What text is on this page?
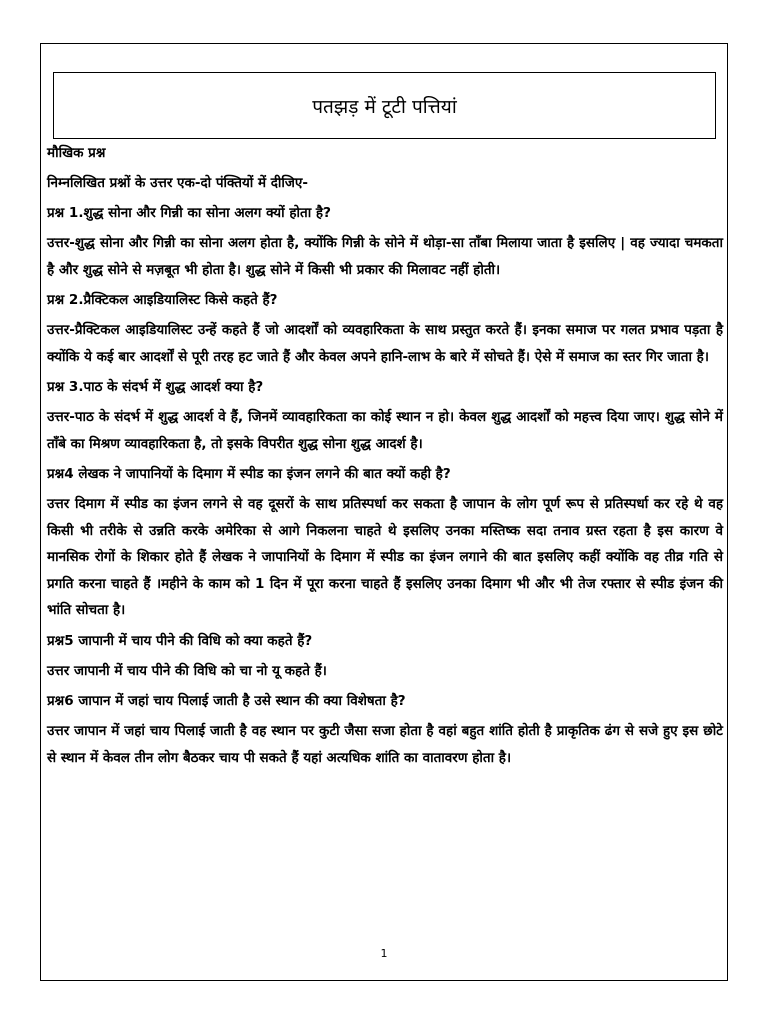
पतझड़ में टूटी पत्तियां

मौखिक प्रश्न

निम्नलिखित प्रश्नों के उत्तर एक-दो पंक्तियों में दीजिए-

प्रश्न 1.शुद्ध सोना और गिन्नी का सोना अलग क्यों होता है?

उत्तर-शुद्ध सोना और गिन्नी का सोना अलग होता है, क्योंकि गिन्नी के सोने में थोड़ा-सा ताँबा मिलाया जाता है इसलिए | वह ज्यादा चमकता है और शुद्ध सोने से मज़बूत भी होता है। शुद्ध सोने में किसी भी प्रकार की मिलावट नहीं होती।

प्रश्न 2.प्रैक्टिकल आइडियालिस्ट किसे कहते हैं?

उत्तर-प्रैक्टिकल आइडियालिस्ट उन्हें कहते हैं जो आदर्शों को व्यवहारिकता के साथ प्रस्तुत करते हैं। इनका समाज पर गलत प्रभाव पड़ता है क्योंकि ये कई बार आदर्शों से पूरी तरह हट जाते हैं और केवल अपने हानि-लाभ के बारे में सोचते हैं। ऐसे में समाज का स्तर गिर जाता है।

प्रश्न 3.पाठ के संदर्भ में शुद्ध आदर्श क्या है?

उत्तर-पाठ के संदर्भ में शुद्ध आदर्श वे हैं, जिनमें व्यावहारिकता का कोई स्थान न हो। केवल शुद्ध आदर्शों को महत्त्व दिया जाए। शुद्ध सोने में ताँबे का मिश्रण व्यावहारिकता है, तो इसके विपरीत शुद्ध सोना शुद्ध आदर्श है।

प्रश्न4 लेखक ने जापानियों के दिमाग में स्पीड का इंजन लगने की बात क्यों कही है?

उत्तर दिमाग में स्पीड का इंजन लगने से वह दूसरों के साथ प्रतिस्पर्धा कर सकता है जापान के लोग पूर्ण रूप से प्रतिस्पर्धा कर रहे थे वह किसी भी तरीके से उन्नति करके अमेरिका से आगे निकलना चाहते थे इसलिए उनका मस्तिष्क सदा तनाव ग्रस्त रहता है इस कारण वे मानसिक रोगों के शिकार होते हैं लेखक ने जापानियों के दिमाग में स्पीड का इंजन लगाने की बात इसलिए कहीं क्योंकि वह तीव्र गति से प्रगति करना चाहते हैं ।महीने के काम को 1 दिन में पूरा करना चाहते हैं इसलिए उनका दिमाग भी और भी तेज रफ्तार से स्पीड इंजन की भांति सोचता है।

प्रश्न5 जापानी में चाय पीने की विधि को क्या कहते हैं?

उत्तर जापानी में चाय पीने की विधि को चा नो यू कहते हैं।

प्रश्न6 जापान में जहां चाय पिलाई जाती है उसे स्थान की क्या विशेषता है?

उत्तर जापान में जहां चाय पिलाई जाती है वह स्थान पर कुटी जैसा सजा होता है वहां बहुत शांति होती है प्राकृतिक ढंग से सजे हुए इस छोटे से स्थान में केवल तीन लोग बैठकर चाय पी सकते हैं यहां अत्यधिक शांति का वातावरण होता है।

1
